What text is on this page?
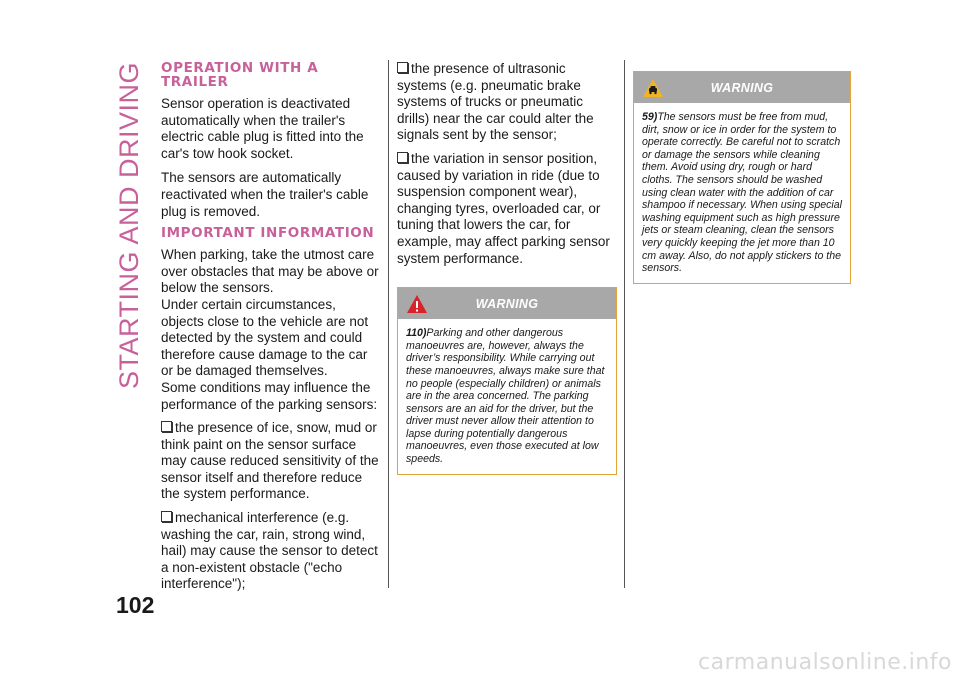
STARTING AND DRIVING
102
OPERATION WITH A TRAILER

Sensor operation is deactivated automatically when the trailer's electric cable plug is fitted into the car's tow hook socket.

The sensors are automatically reactivated when the trailer's cable plug is removed.

IMPORTANT INFORMATION

When parking, take the utmost care over obstacles that may be above or below the sensors.

Under certain circumstances, objects close to the vehicle are not detected by the system and could therefore cause damage to the car or be damaged themselves.

Some conditions may influence the performance of the parking sensors:

the presence of ice, snow, mud or think paint on the sensor surface may cause reduced sensitivity of the sensor itself and therefore reduce the system performance.
mechanical interference (e.g. washing the car, rain, strong wind, hail) may cause the sensor to detect a non-existent obstacle ("echo interference");
the presence of ultrasonic systems (e.g. pneumatic brake systems of trucks or pneumatic drills) near the car could alter the signals sent by the sensor;
the variation in sensor position, caused by variation in ride (due to suspension component wear), changing tyres, overloaded car, or tuning that lowers the car, for example, may affect parking sensor system performance.
WARNING
110)Parking and other dangerous manoeuvres are, however, always the driver’s responsibility. While carrying out these manoeuvres, always make sure that no people (especially children) or animals are in the area concerned. The parking sensors are an aid for the driver, but the driver must never allow their attention to lapse during potentially dangerous manoeuvres, even those executed at low speeds.
WARNING
59)The sensors must be free from mud, dirt, snow or ice in order for the system to operate correctly. Be careful not to scratch or damage the sensors while cleaning them. Avoid using dry, rough or hard cloths. The sensors should be washed using clean water with the addition of car shampoo if necessary. When using special washing equipment such as high pressure jets or steam cleaning, clean the sensors very quickly keeping the jet more than 10 cm away. Also, do not apply stickers to the sensors.
carmanualsonline.info
